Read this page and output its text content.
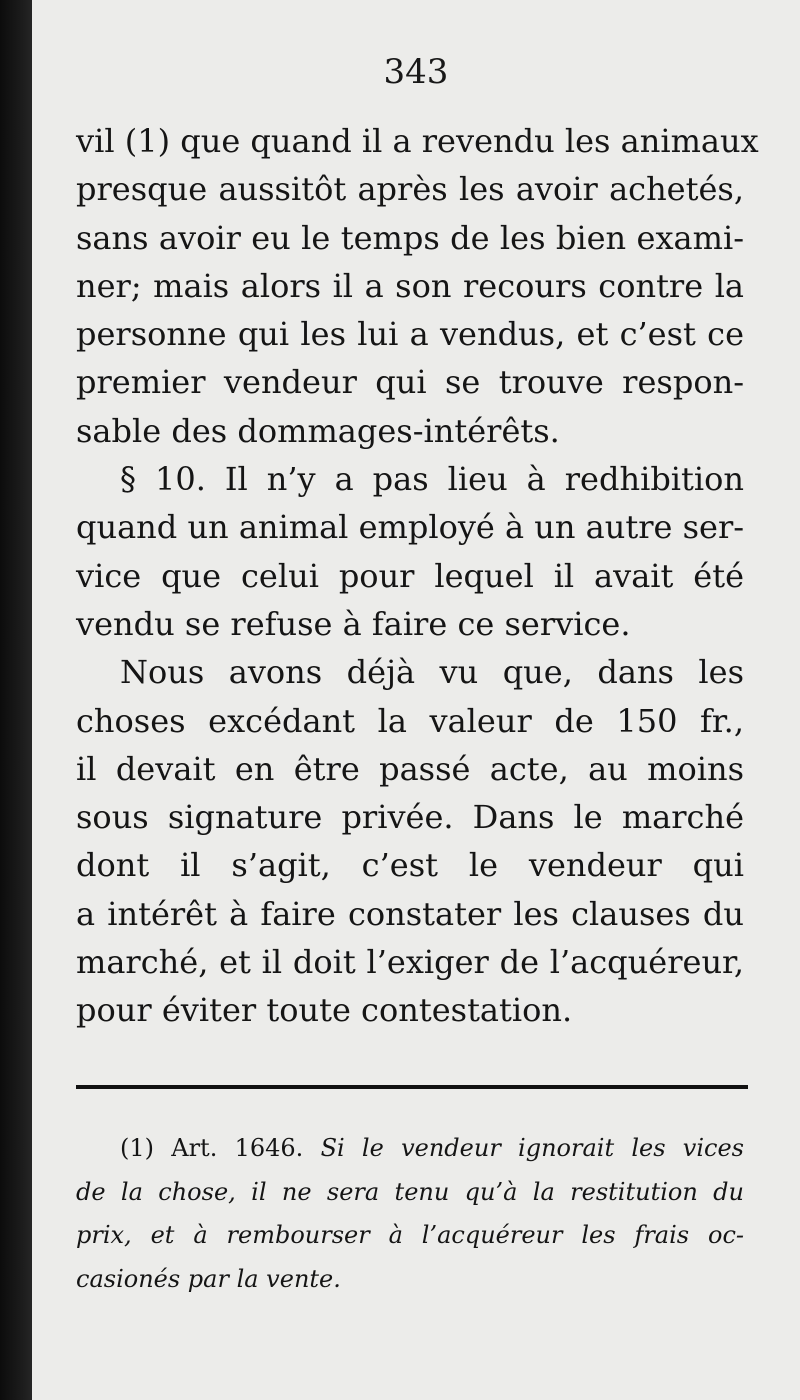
343

vil (1) que quand il a revendu les animaux
presque aussitôt après les avoir achetés,
sans avoir eu le temps de les bien exami-
ner; mais alors il a son recours contre la
personne qui les lui a vendus, et c’est ce
premier vendeur qui se trouve respon-
sable des dommages-intérêts.
§ 10. Il n’y a pas lieu à redhibition
quand un animal employé à un autre ser-
vice que celui pour lequel il avait été
vendu se refuse à faire ce service.
Nous avons déjà vu que, dans les
choses excédant la valeur de 150 fr.,
il devait en être passé acte, au moins
sous signature privée. Dans le marché
dont il s’agit, c’est le vendeur qui
a intérêt à faire constater les clauses du
marché, et il doit l’exiger de l’acquéreur,
pour éviter toute contestation.

(1) Art. 1646. Si le vendeur ignorait les vices
de la chose, il ne sera tenu qu’à la restitution du
prix, et à rembourser à l’acquéreur les frais oc-
casionés par la vente.
